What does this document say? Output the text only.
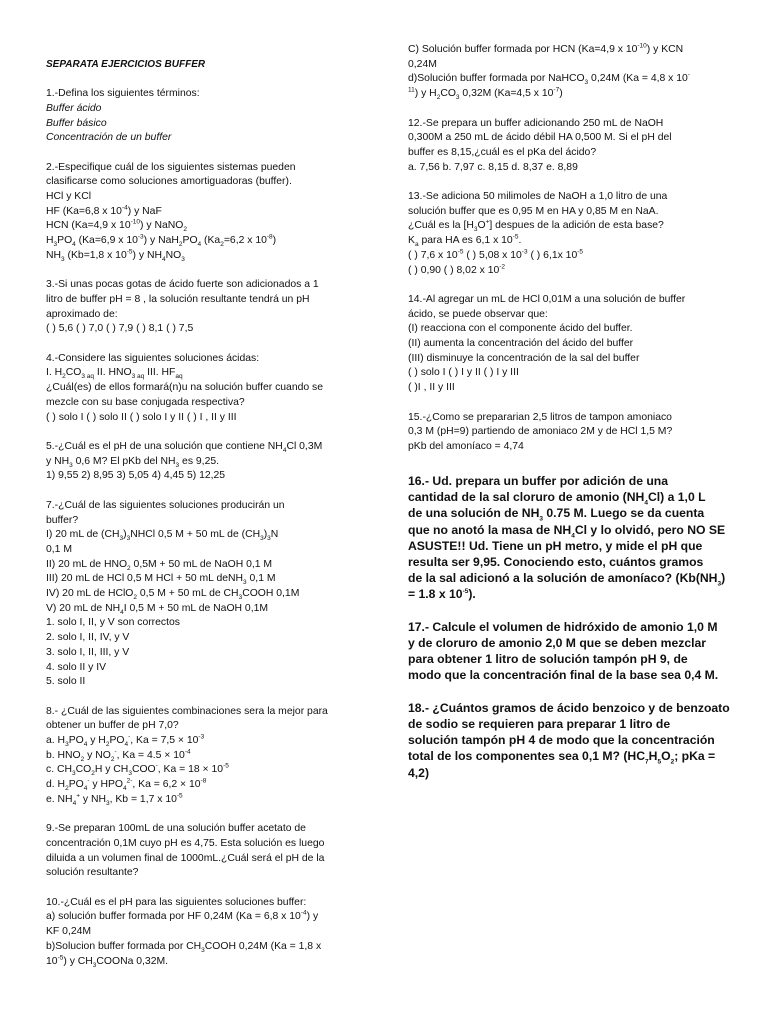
SEPARATA EJERCICIOS BUFFER

1.-Defina los siguientes términos:
Buffer ácido
Buffer básico
Concentración de un buffer

2.-Especifique cuál de los siguientes sistemas pueden
clasificarse como soluciones amortiguadoras (buffer).
HCl y KCl
HF (Ka=6,8 x $10^{-4}$) y NaF
HCN (Ka=4,9 x $10^{-10}$) y NaNO$_2$
$H_3PO_4$ (Ka=6,9 x $10^{-3}$) y $NaH_2PO_4$ ($Ka_2=6,2$ x $10^{-8}$)
$NH_3$ (Kb=1,8 x $10^{-5}$) y $NH_4NO_3$

3.-Si unas pocas gotas de ácido fuerte son adicionados a 1
litro de buffer pH = 8 , la solución resultante tendrá un pH
aproximado de:
( ) 5,6 ( ) 7,0 ( ) 7,9 ( ) 8,1 ( ) 7,5

4.-Considere las siguientes soluciones ácidas:
I. $H_2CO_{3 aq}$ II. $HNO_{3 aq}$ III. $HF_{aq}$
¿Cuál(es) de ellos formará(n)u na solución buffer cuando se
mezcle con su base conjugada respectiva?
( ) solo I ( ) solo II ( ) solo I y II ( ) I , II y III

5.-¿Cuál es el pH de una solución que contiene $NH_4Cl$ 0,3M
y $NH_3$ 0,6 M? El pKb del $NH_3$ es 9,25.
1) 9,55 2) 8,95 3) 5,05 4) 4,45 5) 12,25

7.-¿Cuál de las siguientes soluciones producirán un
buffer?
I) 20 mL de $(CH_3)_3NHCl$ 0,5 M + 50 mL de $(CH_3)_3N$
0,1 M
II) 20 mL de $HNO_2$ 0,5M + 50 mL de NaOH 0,1 M
III) 20 mL de HCl 0,5 M HCl + 50 mL deNH$_3$ 0,1 M
IV) 20 mL de HClO$_2$ 0,5 M + 50 mL de $CH_3COOH$ 0,1M
V) 20 mL de $NH_4I$ 0,5 M + 50 mL de NaOH 0,1M
1. solo I, II, y V son correctos
2. solo I, II, IV, y V
3. solo I, II, III, y V
4. solo II y IV
5. solo II

8.- ¿Cuál de las siguientes combinaciones sera la mejor para
obtener un buffer de pH 7,0?
a. $H_3PO_4$ y $H_2PO_4^-$, $Ka = 7,5 \times 10^{-3}$
b. $HNO_2$ y $NO_2^-$, $Ka = 4.5 \times 10^{-4}$
c. $CH_3CO_2H$ y $CH_3COO^-$, $Ka = 18 \times 10^{-5}$
d. $H_2PO_4^-$ y $HPO_4^{2-}$, $Ka = 6,2 \times 10^{-8}$
e. $NH_4^+$ y $NH_3$, Kb = 1,7 x $10^{-5}$

9.-Se preparan 100mL de una solución buffer acetato de
concentración 0,1M cuyo pH es 4,75. Esta solución es luego
diluida a un volumen final de 1000mL.¿Cuál será el pH de la
solución resultante?

10.-¿Cuál es el pH para las siguientes soluciones buffer:
a) solución buffer formada por HF 0,24M (Ka = 6,8 x $10^{-4}$) y
KF 0,24M
b)Solucion buffer formada por $CH_3COOH$ 0,24M (Ka = 1,8 x
$10^{-5}$) y $CH_3COONa$ 0,32M.
C) Solución buffer formada por HCN (Ka=4,9 x $10^{-10}$) y KCN
0,24M
d)Solución buffer formada por NaHCO$_3$ 0,24M (Ka = 4,8 x 10-
$^{11}$) y $H_2CO_3$ 0,32M (Ka=4,5 x $10^{-7}$)

12.-Se prepara un buffer adicionando 250 mL de NaOH
0,300M a 250 mL de ácido débil HA 0,500 M. Si el pH del
buffer es 8,15,¿cuál es el pKa del ácido?
a. 7,56 b. 7,97 c. 8,15 d. 8,37 e. 8,89

13.-Se adiciona 50 milimoles de NaOH a 1,0 litro de una
solución buffer que es 0,95 M en HA y 0,85 M en NaA.
¿Cuál es la $[H_3O^+]$ despues de la adición de esta base?
$K_a$ para HA es 6,1 x $10^{-5}$.
( ) 7,6 x $10^{-5}$ ( ) 5,08 x $10^{-3}$ ( ) 6,1x $10^{-5}$
( ) 0,90 ( ) 8,02 x $10^{-2}$

14.-Al agregar un mL de HCl 0,01M a una solución de buffer
ácido, se puede observar que:
(I) reacciona con el componente ácido del buffer.
(II) aumenta la concentración del ácido del buffer
(III) disminuye la concentración de la sal del buffer
( ) solo I ( ) I y II ( ) I y III
( )I , II y III

15.-¿Como se prepararian 2,5 litros de tampon amoniaco
0,3 M (pH=9) partiendo de amoniaco 2M y de HCl 1,5 M?
pKb del amoníaco = 4,74
16.- Ud. prepara un buffer por adición de una
cantidad de la sal cloruro de amonio $(NH_4Cl)$ a 1,0 L
de una solución de $NH_3$ 0.75 M. Luego se da cuenta
que no anotó la masa de $NH_4Cl$ y lo olvidó, pero NO SE
ASUSTE!! Ud. Tiene un pH metro, y mide el pH que
resulta ser 9,95. Conociendo esto, cuántos gramos
de la sal adicionó a la solución de amoníaco? ($Kb(NH_3)$
= 1.8 x $10^{-5}$).

17.- Calcule el volumen de hidróxido de amonio 1,0 M
y de cloruro de amonio 2,0 M que se deben mezclar
para obtener 1 litro de solución tampón pH 9, de
modo que la concentración final de la base sea 0,4 M.

18.- ¿Cuántos gramos de ácido benzoico y de benzoato
de sodio se requieren para preparar 1 litro de
solución tampón pH 4 de modo que la concentración
total de los componentes sea 0,1 M? ($HC_7H_5O_2$; pKa =
4,2)
